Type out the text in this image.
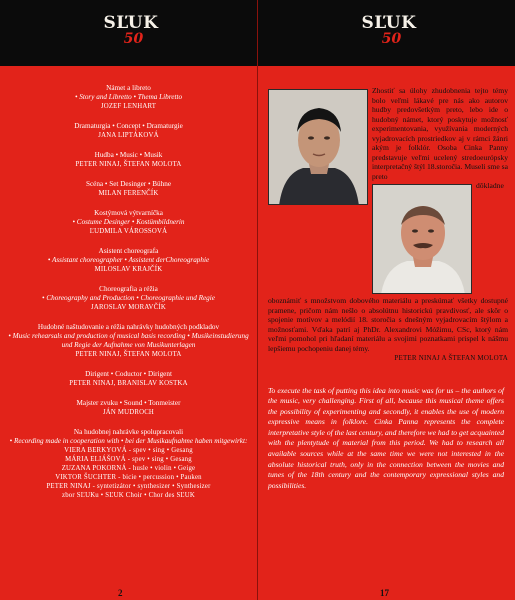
SĽUK
50
Námet a libreto
• Story and Libretto • Thema Libretto
JOZEF LENHART
Dramaturgia • Concept • Dramaturgie
JANA LIPTÁKOVÁ
Hudba • Music • Musik
PETER NINAJ, ŠTEFAN MOLOTA
Scéna • Set Desinger • Bühne
MILAN FERENČÍK
Kostýmová výtvarníčka
• Costume Desinger • Kostümbildnerin
ĽUDMILA VÁROSSOVÁ
Asistent choreografa
• Assistant choreographer • Assistent derChoreographie
MILOSLAV KRAJČÍK
Choreografia a réžia
• Choreography and Production • Choreographie und Regie
JAROSLAV MORAVČÍK
Hudobné naštudovanie a réžia nahrávky hudobných podkladov
• Music rehearsals and production of musical basis recording • Musikeinstudierung und Regie der Aufnahme von Musikunterlagen
PETER NINAJ, ŠTEFAN MOLOTA
Dirigent • Coductor • Dirigent
PETER NINAJ, BRANISLAV KOSTKA
Majster zvuku • Sound • Tonmeister
JÁN MUDROCH
Na hudobnej nahrávke spolupracovali
• Recording made in cooperation with • bei der Musikaufnahme haben mitgewirkt:
VIERA BERKYOVÁ - spev • sing • Gesang
MÁRIA ELIÁŠOVÁ - spev • sing • Gesang
ZUZANA POKORNÁ - husle • violin • Geige
VIKTOR ŠUCHTER - bicie • percussion • Pauken
PETER NINAJ - syntetizátor • synthesizer • Synthesizer
zbor SĽUKu • SĽUK Choir • Chor des SĽUK
2
SĽUK
50
Zhostiť sa úlohy zhudobnenia tejto témy bolo veľmi lákavé pre nás ako autorov hudby predovšetkým preto, lebo ide o hudobný námet, ktorý poskytuje možnosť experimentovania, využívania moderných vyjadrovacích prostriedkov aj v rámci žánri akým je folklór. Osoba Cinka Panny predstavuje veľmi ucelený stredoeurópsky interpretačný štýl 18.storočia. Museli sme sa preto
dôkladne oboznámiť s množstvom dobového materiálu a preskúmať všetky dostupné pramene, pričom nám nešlo o absolútnu historickú pravdivosť, ale skôr o spojenie motívov a melódií 18. storočia s dnešným vyjadrovacím štýlom a možnosťami. Vďaka patrí aj PhDr. Alexandrovi Móžimu, CSc, ktorý nám veľmi pomohol pri hľadaní materiálu a svojimi poznatkami prispel k nášmu lepšiemu pochopeniu danej témy.
PETER NINAJ A ŠTEFAN MOLOTA
To execute the task of putting this idea into music was for us – the authors of the music, very challenging. First of all, because this musical theme offers the possibility of experimenting and secondly, it enables the use of modern expressive means in folklore. Cinka Panna represents the complete interpretative style of the last century, and therefore we had to get acquainted with the plentytude of material from this period. We had to research all available sources while at the same time we were not interested in the absolute historical truth, only in the connection between the movies and tunes of the 18th century and the contemporary expressional styles and possibilities.
17
